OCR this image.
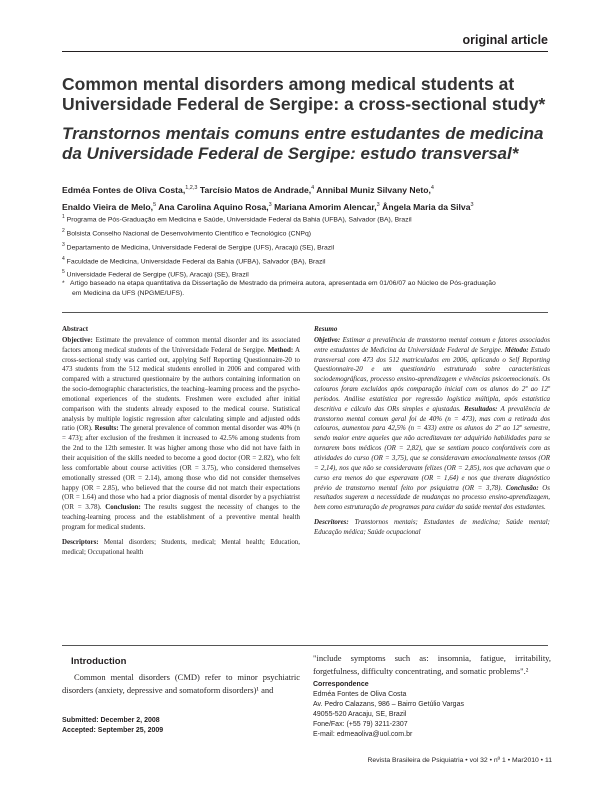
original article
Common mental disorders among medical students at Universidade Federal de Sergipe: a cross-sectional study*
Transtornos mentais comuns entre estudantes de medicina da Universidade Federal de Sergipe: estudo transversal*
Edméa Fontes de Oliva Costa,$^{1,2,3}$ Tarcísio Matos de Andrade,$^4$ Annibal Muniz Silvany Neto,$^4$
Enaldo Vieira de Melo,$^5$ Ana Carolina Aquino Rosa,$^3$ Mariana Amorim Alencar,$^3$ Ângela Maria da Silva$^3$
$^1$ Programa de Pós-Graduação em Medicina e Saúde, Universidade Federal da Bahia (UFBA), Salvador (BA), Brazil
$^2$ Bolsista Conselho Nacional de Desenvolvimento Científico e Tecnológico (CNPq)
$^3$ Departamento de Medicina, Universidade Federal de Sergipe (UFS), Aracajú (SE), Brazil
$^4$ Faculdade de Medicina, Universidade Federal da Bahia (UFBA), Salvador (BA), Brazil
$^5$ Universidade Federal de Sergipe (UFS), Aracajú (SE), Brazil
* Artigo baseado na etapa quantitativa da Dissertação de Mestrado da primeira autora, apresentada em 01/06/07 ao Núcleo de Pós-graduação
em Medicina da UFS (NPGME/UFS).
Abstract

Objective: Estimate the prevalence of common mental disorder and its associated factors among medical students of the Universidade Federal de Sergipe. Method: A cross-sectional study was carried out, applying Self Reporting Questionnaire-20 to 473 students from the 512 medical students enrolled in 2006 and compared with compared with a structured questionnaire by the authors containing information on the socio-demographic characteristics, the teaching–learning process and the psycho-emotional experiences of the students. Freshmen were excluded after initial comparison with the students already exposed to the medical course. Statistical analysis by multiple logistic regression after calculating simple and adjusted odds ratio (OR). Results: The general prevalence of common mental disorder was 40% (n = 473); after exclusion of the freshmen it increased to 42.5% among students from the 2nd to the 12th semester. It was higher among those who did not have faith in their acquisition of the skills needed to become a good doctor (OR = 2.82), who felt less comfortable about course activities (OR = 3.75), who considered themselves emotionally stressed (OR = 2.14), among those who did not consider themselves happy (OR = 2.85), who believed that the course did not match their expectations (OR = 1.64) and those who had a prior diagnosis of mental disorder by a psychiatrist (OR = 3.78). Conclusion: The results suggest the necessity of changes to the teaching-learning process and the establishment of a preventive mental health program for medical students.

Descriptors: Mental disorders; Students, medical; Mental health; Education, medical; Occupational health

Resumo

Objetivo: Estimar a prevalência de transtorno mental comum e fatores associados entre estudantes de Medicina da Universidade Federal de Sergipe. Método: Estudo transversal com 473 dos 512 matriculados em 2006, aplicando o Self Reporting Questionnaire-20 e um questionário estruturado sobre características sociodemográficas, processo ensino-aprendizagem e vivências psicoemocionais. Os calouros foram excluídos após comparação inicial com os alunos do 2º ao 12º períodos. Análise estatística por regressão logística múltipla, após estatística descritiva e cálculo das ORs simples e ajustadas. Resultados: A prevalência de transtorno mental comum geral foi de 40% (n = 473), mas com a retirada dos calouros, aumentou para 42,5% (n = 433) entre os alunos do 2º ao 12º semestre, sendo maior entre aqueles que não acreditavam ter adquirido habilidades para se tornarem bons médicos (OR = 2,82), que se sentiam pouco confortáveis com as atividades do curso (OR = 3,75), que se consideravam emocionalmente tensos (OR = 2,14), nos que não se consideravam felizes (OR = 2,85), nos que achavam que o curso era menos do que esperavam (OR = 1,64) e nos que tiveram diagnóstico prévio de transtorno mental feito por psiquiatra (OR = 3,78). Conclusão: Os resultados sugerem a necessidade de mudanças no processo ensino-aprendizagem, bem como estruturação de programas para cuidar da saúde mental dos estudantes.

Descritores: Transtornos mentais; Estudantes de medicina; Saúde mental; Educação médica; Saúde ocupacional

Introduction

Common mental disorders (CMD) refer to minor psychiatric disorders (anxiety, depressive and somatoform disorders)¹ and

"include symptoms such as: insomnia, fatigue, irritability, forgetfulness, difficulty concentrating, and somatic problems".²

Submitted: December 2, 2008
Accepted: September 25, 2009
Correspondence
Edméa Fontes de Oliva Costa
Av. Pedro Calazans, 986 – Bairro Getúlio Vargas
49055-520 Aracaju, SE, Brazil
Fone/Fax: (+55 79) 3211-2307
E-mail: edmeaoliva@uol.com.br
Revista Brasileira de Psiquiatria • vol 32 • nº 1 • Mar2010 • 11
